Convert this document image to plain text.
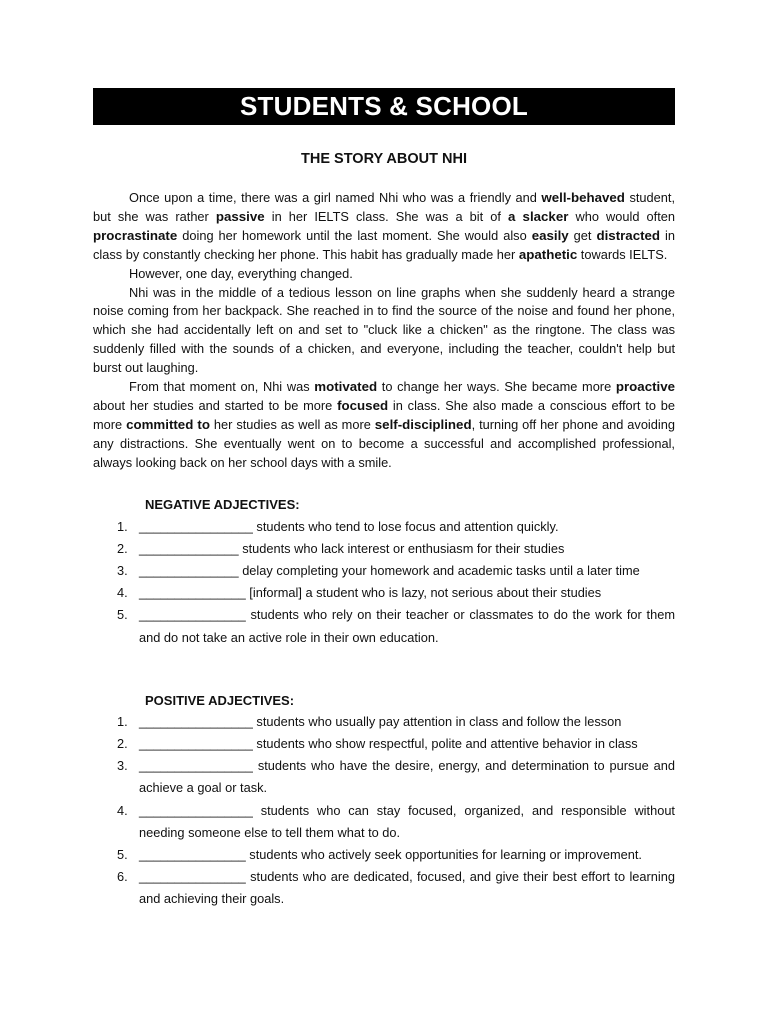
STUDENTS & SCHOOL
THE STORY ABOUT NHI

Once upon a time, there was a girl named Nhi who was a friendly and well-behaved student, but she was rather passive in her IELTS class. She was a bit of a slacker who would often procrastinate doing her homework until the last moment. She would also easily get distracted in class by constantly checking her phone. This habit has gradually made her apathetic towards IELTS.

However, one day, everything changed.

Nhi was in the middle of a tedious lesson on line graphs when she suddenly heard a strange noise coming from her backpack. She reached in to find the source of the noise and found her phone, which she had accidentally left on and set to "cluck like a chicken" as the ringtone. The class was suddenly filled with the sounds of a chicken, and everyone, including the teacher, couldn't help but burst out laughing.

From that moment on, Nhi was motivated to change her ways. She became more proactive about her studies and started to be more focused in class. She also made a conscious effort to be more committed to her studies as well as more self-disciplined, turning off her phone and avoiding any distractions. She eventually went on to become a successful and accomplished professional, always looking back on her school days with a smile.

NEGATIVE ADJECTIVES:
1. ________________ students who tend to lose focus and attention quickly.
2. ______________ students who lack interest or enthusiasm for their studies
3. ______________ delay completing your homework and academic tasks until a later time
4. _______________ [informal] a student who is lazy, not serious about their studies
5. _______________ students who rely on their teacher or classmates to do the work for them and do not take an active role in their own education.
POSITIVE ADJECTIVES:
1. ________________ students who usually pay attention in class and follow the lesson
2. ________________ students who show respectful, polite and attentive behavior in class
3. ________________ students who have the desire, energy, and determination to pursue and achieve a goal or task.
4. ________________ students who can stay focused, organized, and responsible without needing someone else to tell them what to do.
5. _______________ students who actively seek opportunities for learning or improvement.
6. _______________ students who are dedicated, focused, and give their best effort to learning and achieving their goals.
